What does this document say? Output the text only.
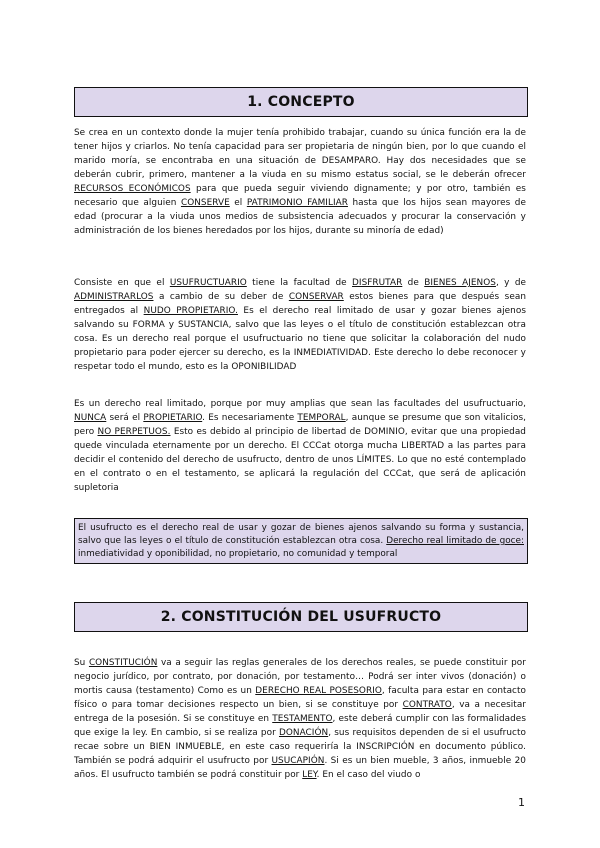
1. CONCEPTO
Se crea en un contexto donde la mujer tenía prohibido trabajar, cuando su única función era la de tener hijos y criarlos. No tenía capacidad para ser propietaria de ningún bien, por lo que cuando el marido moría, se encontraba en una situación de DESAMPARO. Hay dos necesidades que se deberán cubrir, primero, mantener a la viuda en su mismo estatus social, se le deberán ofrecer RECURSOS ECONÓMICOS para que pueda seguir viviendo dignamente; y por otro, también es necesario que alguien CONSERVE el PATRIMONIO FAMILIAR hasta que los hijos sean mayores de edad (procurar a la viuda unos medios de subsistencia adecuados y procurar la conservación y administración de los bienes heredados por los hijos, durante su minoría de edad)
Consiste en que el USUFRUCTUARIO tiene la facultad de DISFRUTAR de BIENES AJENOS, y de ADMINISTRARLOS a cambio de su deber de CONSERVAR estos bienes para que después sean entregados al NUDO PROPIETARIO. Es el derecho real limitado de usar y gozar bienes ajenos salvando su FORMA y SUSTANCIA, salvo que las leyes o el título de constitución establezcan otra cosa. Es un derecho real porque el usufructuario no tiene que solicitar la colaboración del nudo propietario para poder ejercer su derecho, es la INMEDIATIVIDAD. Este derecho lo debe reconocer y respetar todo el mundo, esto es la OPONIBILIDAD
Es un derecho real limitado, porque por muy amplias que sean las facultades del usufructuario, NUNCA será el PROPIETARIO. Es necesariamente TEMPORAL, aunque se presume que son vitalicios, pero NO PERPETUOS. Esto es debido al principio de libertad de DOMINIO, evitar que una propiedad quede vinculada eternamente por un derecho. El CCCat otorga mucha LIBERTAD a las partes para decidir el contenido del derecho de usufructo, dentro de unos LÍMITES. Lo que no esté contemplado en el contrato o en el testamento, se aplicará la regulación del CCCat, que será de aplicación supletoria
El usufructo es el derecho real de usar y gozar de bienes ajenos salvando su forma y sustancia, salvo que las leyes o el título de constitución establezcan otra cosa. Derecho real limitado de goce: inmediatividad y oponibilidad, no propietario, no comunidad y temporal
2. CONSTITUCIÓN DEL USUFRUCTO
Su CONSTITUCIÓN va a seguir las reglas generales de los derechos reales, se puede constituir por negocio jurídico, por contrato, por donación, por testamento… Podrá ser inter vivos (donación) o mortis causa (testamento) Como es un DERECHO REAL POSESORIO, faculta para estar en contacto físico o para tomar decisiones respecto un bien, si se constituye por CONTRATO, va a necesitar entrega de la posesión. Si se constituye en TESTAMENTO, este deberá cumplir con las formalidades que exige la ley. En cambio, si se realiza por DONACIÓN, sus requisitos dependen de si el usufructo recae sobre un BIEN INMUEBLE, en este caso requeriría la INSCRIPCIÓN en documento público. También se podrá adquirir el usufructo por USUCAPIÓN. Si es un bien mueble, 3 años, inmueble 20 años. El usufructo también se podrá constituir por LEY. En el caso del viudo o
1
